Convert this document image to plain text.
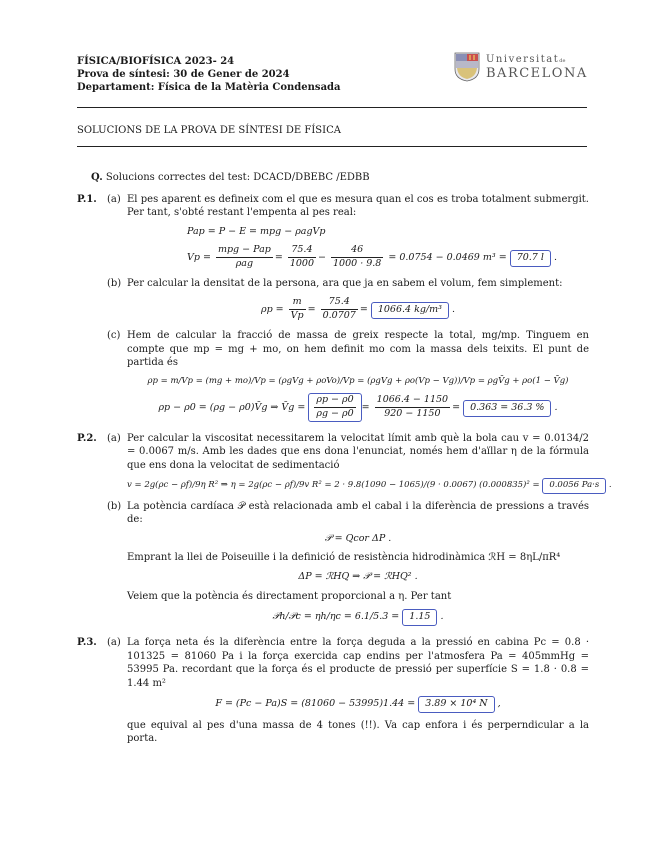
FÍSICA/BIOFÍSICA 2023- 24
Prova de síntesi: 30 de Gener de 2024
Departament: Física de la Matèria Condensada
Universitatde
BARCELONA
SOLUCIONS DE LA PROVA DE SÍNTESI DE FÍSICA
Q. Solucions correctes del test: DCACD/DBEBC /EDBB
P.1. (a) El pes aparent es defineix com el que es mesura quan el cos es troba totalment submergit. Per tant, s'obté restant l'empenta al pes real:
Pap = P − E = mpg − ρagVp
$Vp = \frac{\text{mpg − Pap}}{\text{ρag}} = \frac{75.4}{1000} - \frac{46}{1000 \cdot 9.8} = 0.0754 - 0.0469$ m³ = 70.7 l .
(b) Per calcular la densitat de la persona, ara que ja en sabem el volum, fem simplement:
$\rho p = \frac{m}{Vp} = \frac{75.4}{0.0707} = 1066.4$ kg/m³ .
(c) Hem de calcular la fracció de massa de greix respecte la total, mg/mp. Tinguem en compte que mp = mg + mo, on hem definit mo com la massa dels teixits. El punt de partida és
ρp = m/Vp = (mg + mo)/Vp = (ρgVg + ρoVo)/Vp = (ρgVg + ρo(Vp − Vg))/Vp = ρgV̄g + ρo(1 − V̄g)
ρp − ρ0 = (ρg − ρ0)V̄g ⇒ V̄g = $\frac{\rho p - \rho 0}{\rho g - \rho 0} = \frac{1066.4 - 1150}{920 - 1150} = 0.363 = 36.3$ % .
P.2. (a) Per calcular la viscositat necessitarem la velocitat límit amb què la bola cau v = 0.0134/2 = 0.0067 m/s. Amb les dades que ens dona l'enunciat, només hem d'aïllar η de la fórmula que ens dona la velocitat de sedimentació
v = 2g(ρc − ρf)/9η R² ⇒ η = 2g(ρc − ρf)/9v R² = 2 · 9.8(1090 − 1065)/(9 · 0.0067) (0.000835)² = 0.0056 Pa·s .
(b) La potència cardíaca 𝒫 està relacionada amb el cabal i la diferència de pressions a través de:
𝒫 = Qcor ΔP .
Emprant la llei de Poiseuille i la definició de resistència hidrodinàmica ℛH = 8ηL/πR⁴
ΔP = ℛHQ ⇒ 𝒫 = ℛHQ² .
Veiem que la potència és directament proporcional a η. Per tant
𝒫h/𝒫c = ηh/ηc = 6.1/5.3 = 1.15 .
P.3. (a) La força neta és la diferència entre la força deguda a la pressió en cabina Pc = 0.8 · 101325 = 81060 Pa i la força exercida cap endins per l'atmosfera Pa = 405mmHg = 53995 Pa. recordant que la força és el producte de pressió per superfície S = 1.8 · 0.8 = 1.44 m²
F = (Pc − Pa)S = (81060 − 53995)1.44 = 3.89 × 10⁴ N ,
que equival al pes d'una massa de 4 tones (!!). Va cap enfora i és perperndicular a la porta.
